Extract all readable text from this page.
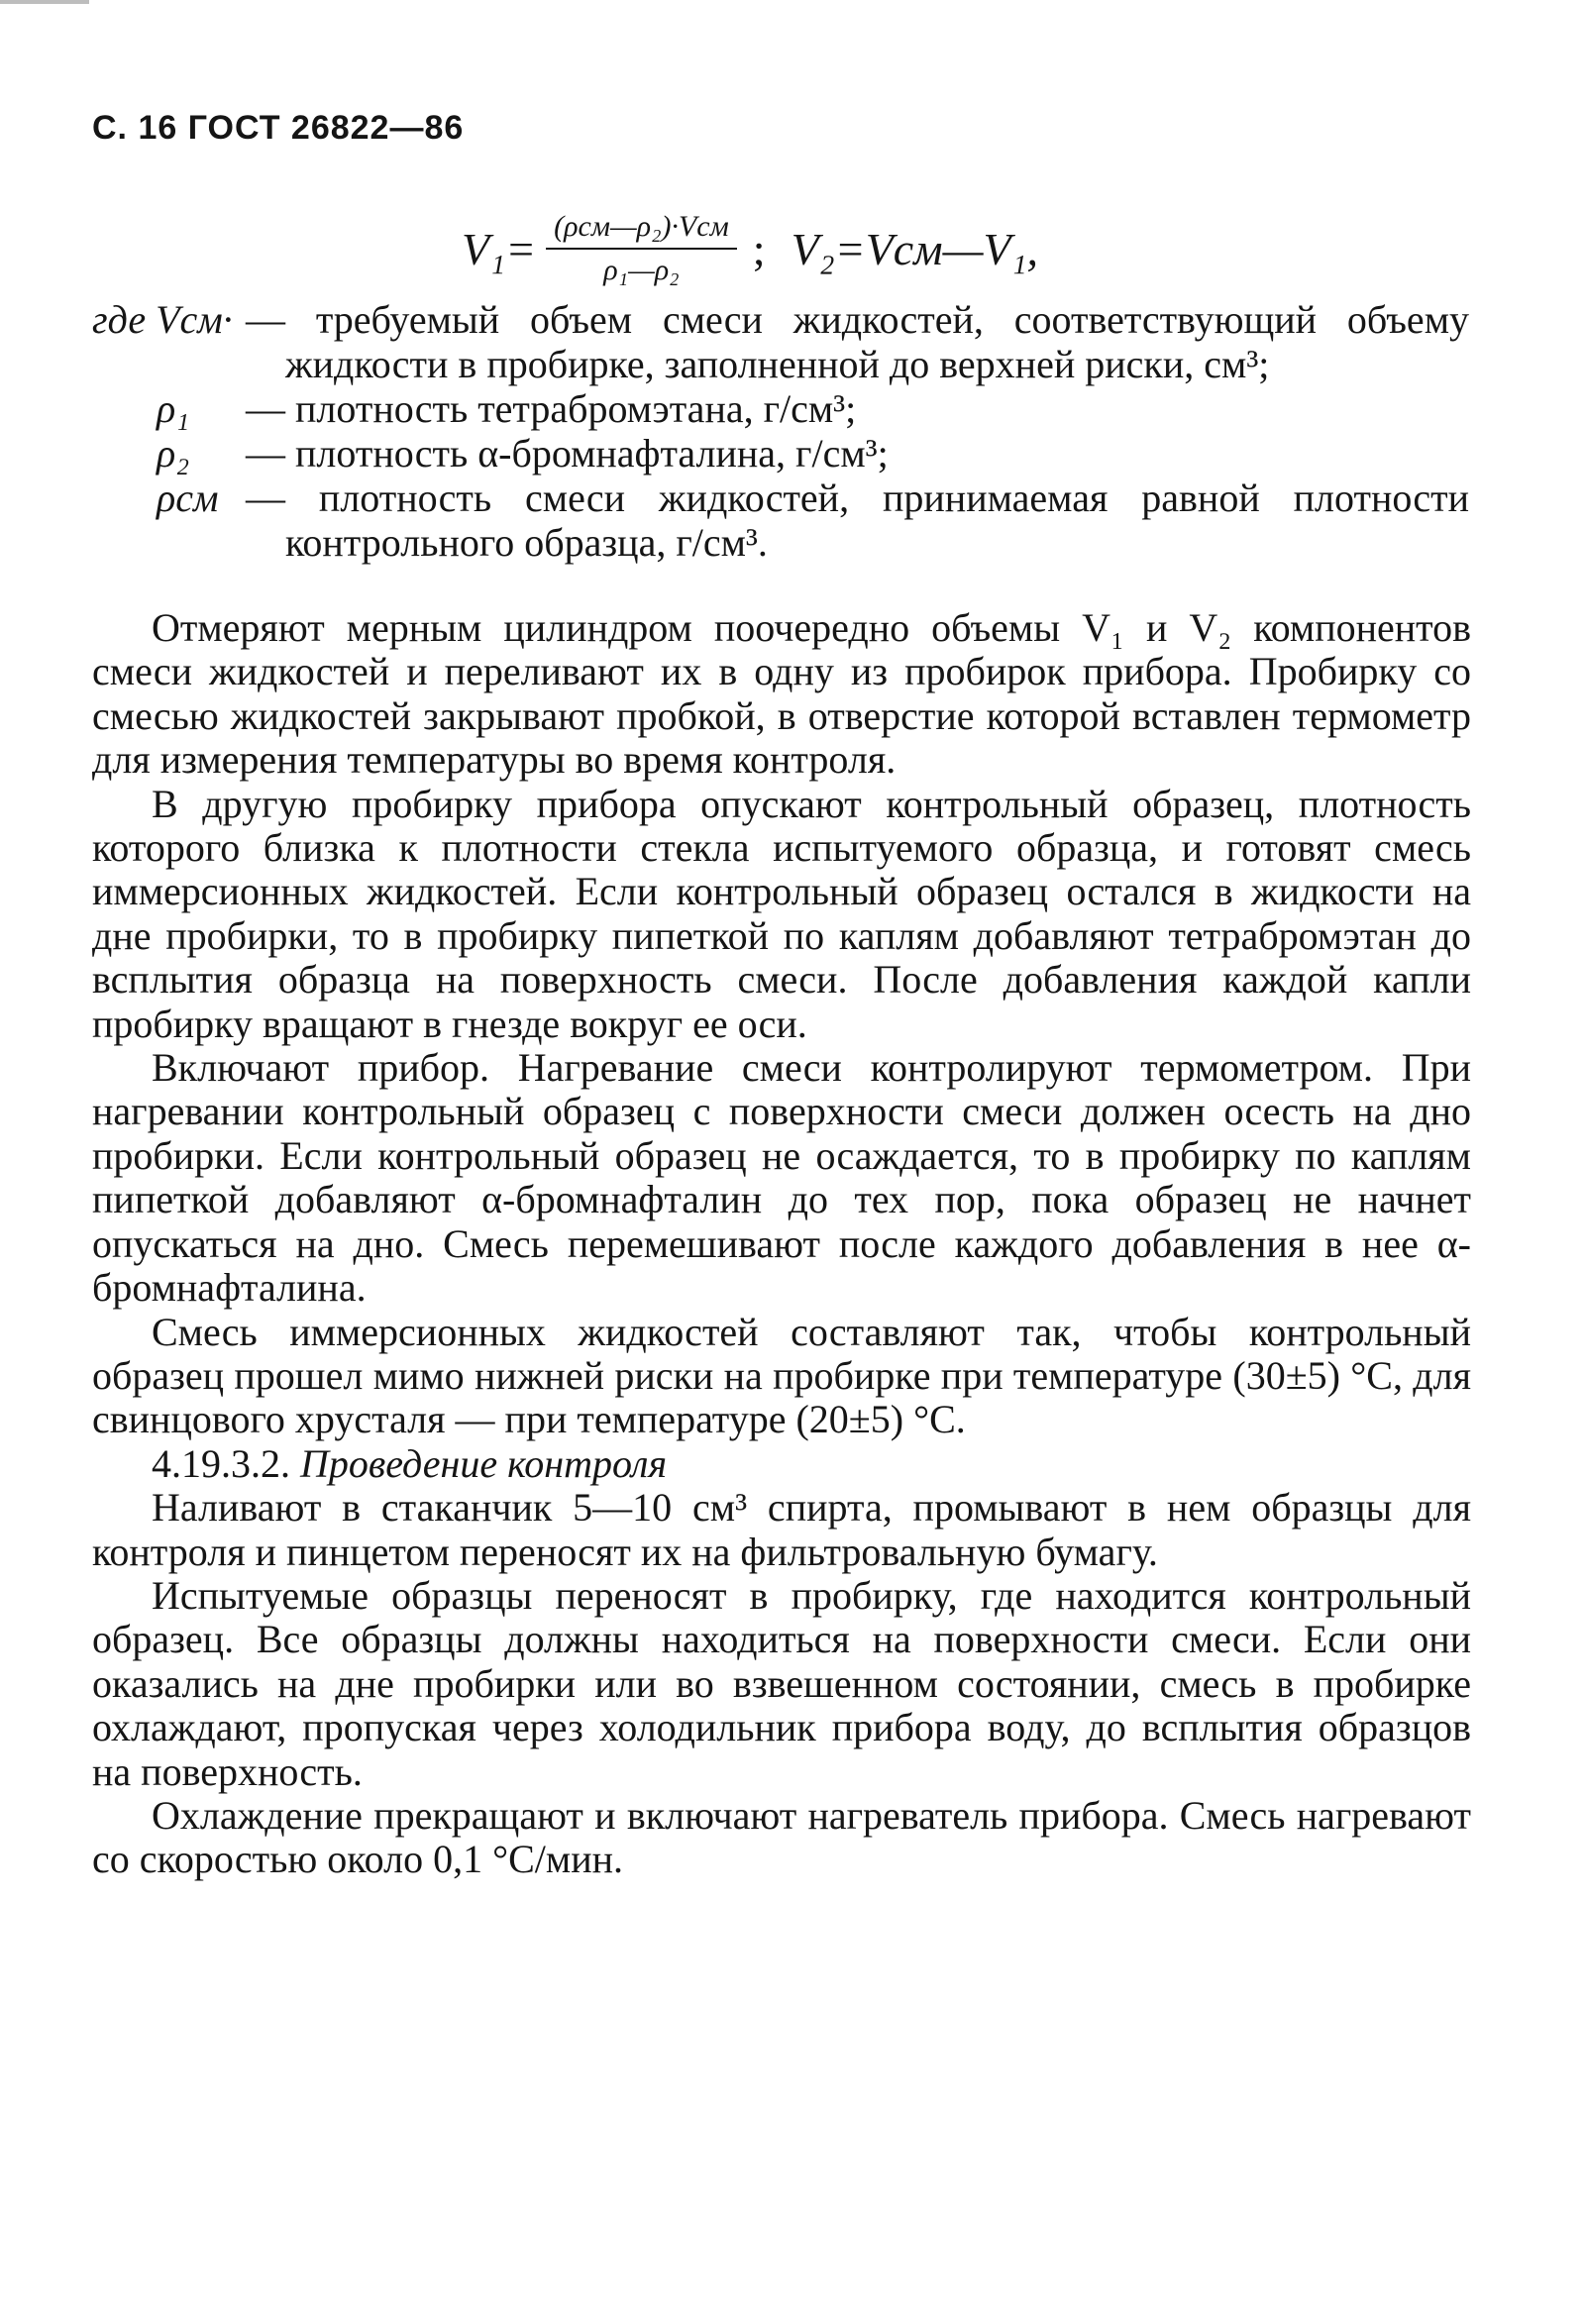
С. 16 ГОСТ 26822—86
$V_1= \frac{\text{(ρсм—ρ₂)·Vсм}}{\text{ρ₁—ρ₂}}$ ; V₂=Vсм—V₁,
где Vсм· — требуемый объем смеси жидкостей, соответствующий объему жидкости в пробирке, заполненной до верхней риски, см³;
ρ₁	— плотность тетрабромэтана, г/см³;
ρ₂	— плотность α-бромнафталина, г/см³;
ρсм — плотность смеси жидкостей, принимаемая равной плотности контрольного образца, г/см³.

Отмеряют мерным цилиндром поочередно объемы V₁ и V₂ компонентов смеси жидкостей и переливают их в одну из пробирок прибора. Пробирку со смесью жидкостей закрывают пробкой, в отверстие которой вставлен термометр для измерения температуры во время контроля.

В другую пробирку прибора опускают контрольный образец, плотность которого близка к плотности стекла испытуемого образца, и готовят смесь иммерсионных жидкостей. Если контрольный образец остался в жидкости на дне пробирки, то в пробирку пипеткой по каплям добавляют тетрабромэтан до всплытия образца на поверхность смеси. После добавления каждой капли пробирку вращают в гнезде вокруг ее оси.

Включают прибор. Нагревание смеси контролируют термометром. При нагревании контрольный образец с поверхности смеси должен осесть на дно пробирки. Если контрольный образец не осаждается, то в пробирку по каплям пипеткой добавляют α-бромнафталин до тех пор, пока образец не начнет опускаться на дно. Смесь перемешивают после каждого добавления в нее α-бромнафталина.

Смесь иммерсионных жидкостей составляют так, чтобы контрольный образец прошел мимо нижней риски на пробирке при температуре (30±5) °С, для свинцового хрусталя — при температуре (20±5) °С.

4.19.3.2. Проведение контроля

Наливают в стаканчик 5—10 см³ спирта, промывают в нем образцы для контроля и пинцетом переносят их на фильтровальную бумагу.

Испытуемые образцы переносят в пробирку, где находится контрольный образец. Все образцы должны находиться на поверхности смеси. Если они оказались на дне пробирки или во взвешенном состоянии, смесь в пробирке охлаждают, пропуская через холодильник прибора воду, до всплытия образцов на поверхность.

Охлаждение прекращают и включают нагреватель прибора. Смесь нагревают со скоростью около 0,1 °С/мин.
